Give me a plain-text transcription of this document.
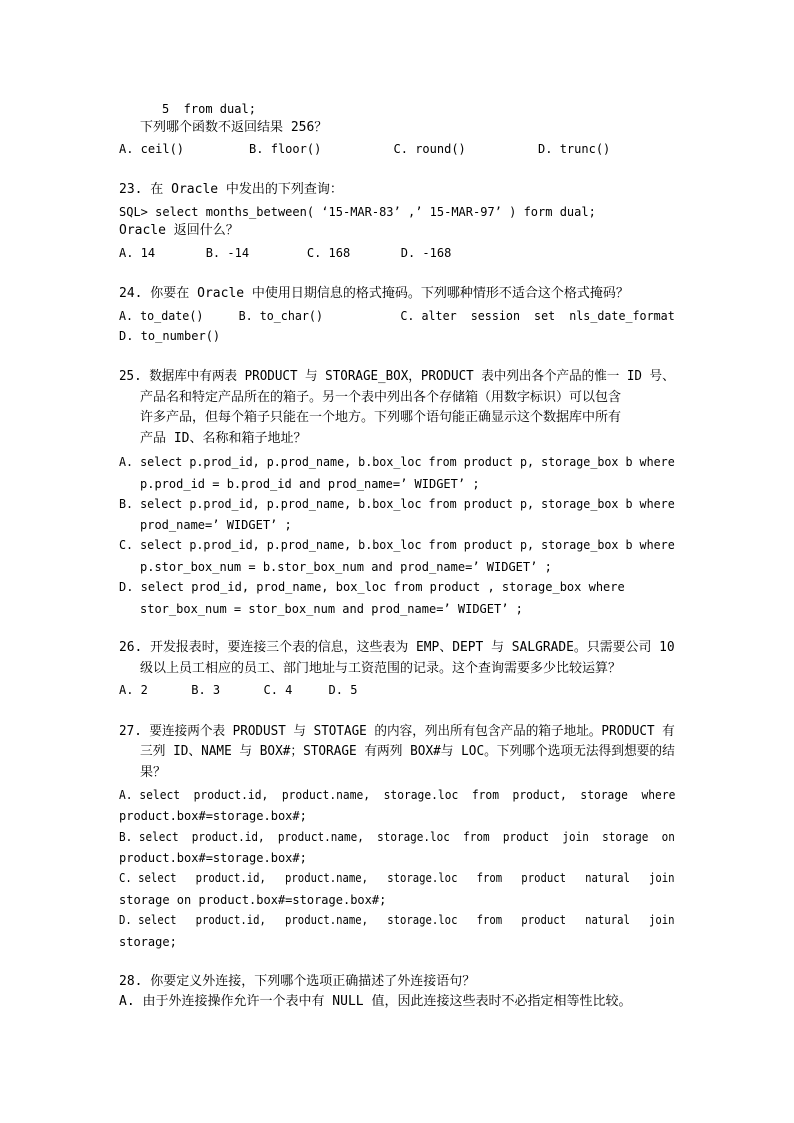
5  from dual;
下列哪个函数不返回结果 256？
A. ceil()         B. floor()          C. round()          D. trunc()
23. 在 Oracle 中发出的下列查询：
SQL> select months_between( ‘15-MAR-83’ ,’ 15-MAR-97’ ) form dual;
Oracle 返回什么？
A. 14       B. -14        C. 168       D. -168
24. 你要在 Oracle 中使用日期信息的格式掩码。下列哪种情形不适合这个格式掩码？
A. to_date()     B. to_char()           C. alter  session  set  nls_date_format
D. to_number()
25. 数据库中有两表 PRODUCT 与 STORAGE_BOX，PRODUCT 表中列出各个产品的惟一 ID 号、
产品名和特定产品所在的箱子。另一个表中列出各个存储箱（用数字标识）可以包含
许多产品，但每个箱子只能在一个地方。下列哪个语句能正确显示这个数据库中所有
产品 ID、名称和箱子地址？
A. select p.prod_id, p.prod_name, b.box_loc from product p, storage_box b where
p.prod_id = b.prod_id and prod_name=’ WIDGET’ ;
B. select p.prod_id, p.prod_name, b.box_loc from product p, storage_box b where
prod_name=’ WIDGET’ ;
C. select p.prod_id, p.prod_name, b.box_loc from product p, storage_box b where
p.stor_box_num = b.stor_box_num and prod_name=’ WIDGET’ ;
D. select prod_id, prod_name, box_loc from product , storage_box where
stor_box_num = stor_box_num and prod_name=’ WIDGET’ ;
26. 开发报表时，要连接三个表的信息，这些表为 EMP、DEPT 与 SALGRADE。只需要公司 10
级以上员工相应的员工、部门地址与工资范围的记录。这个查询需要多少比较运算？
A. 2      B. 3      C. 4     D. 5
27. 要连接两个表 PRODUST 与 STOTAGE 的内容，列出所有包含产品的箱子地址。PRODUCT 有
三列 ID、NAME 与 BOX#；STORAGE 有两列 BOX#与 LOC。下列哪个选项无法得到想要的结
果？
A. select  product.id,  product.name,  storage.loc  from  product,  storage  where
product.box#=storage.box#;
B. select  product.id,  product.name,  storage.loc  from  product  join  storage  on
product.box#=storage.box#;
C. select   product.id,   product.name,   storage.loc   from   product   natural   join
storage on product.box#=storage.box#;
D. select   product.id,   product.name,   storage.loc   from   product   natural   join
storage;
28. 你要定义外连接，下列哪个选项正确描述了外连接语句？
A. 由于外连接操作允许一个表中有 NULL 值，因此连接这些表时不必指定相等性比较。
